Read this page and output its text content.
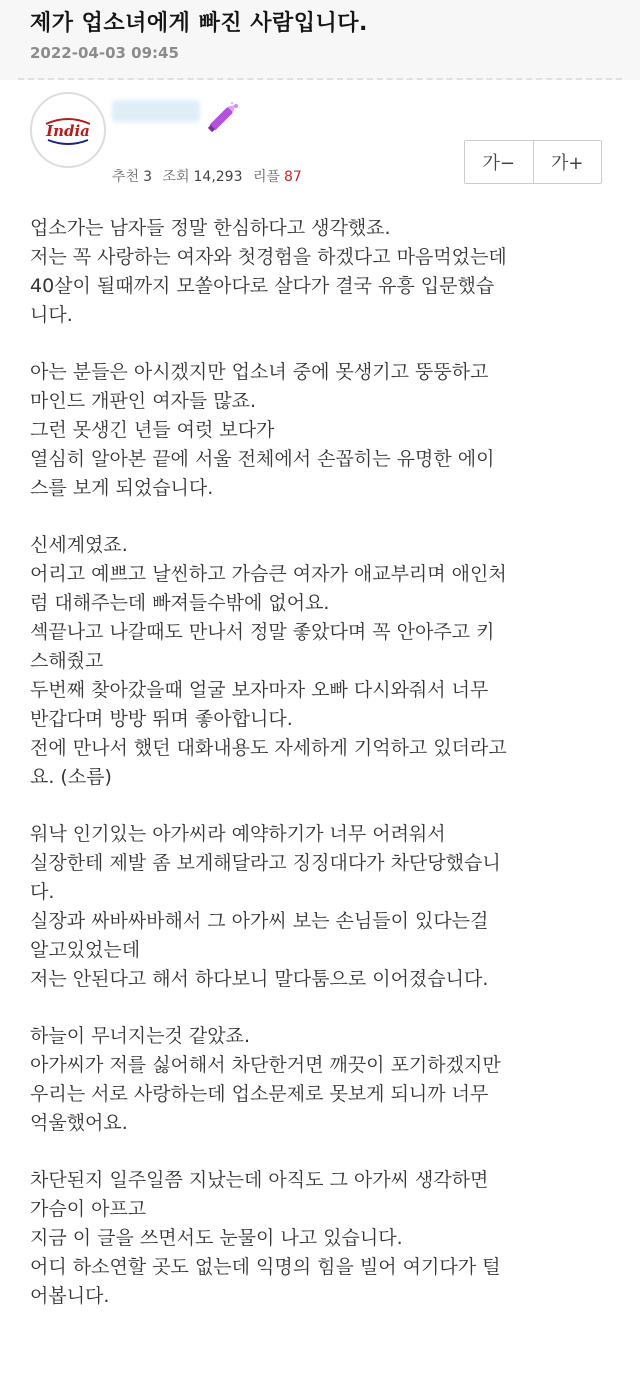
제가 업소녀에게 빠진 사람입니다.
2022-04-03 09:45
India
추천 3 조회 14,293 리플 87
가−	가+
업소가는 남자들 정말 한심하다고 생각했죠.
저는 꼭 사랑하는 여자와 첫경험을 하겠다고 마음먹었는데
40살이 될때까지 모쏠아다로 살다가 결국 유흥 입문했습
니다.
아는 분들은 아시겠지만 업소녀 중에 못생기고 뚱뚱하고
마인드 개판인 여자들 많죠.
그런 못생긴 년들 여럿 보다가
열심히 알아본 끝에 서울 전체에서 손꼽히는 유명한 에이
스를 보게 되었습니다.
신세계였죠.
어리고 예쁘고 날씬하고 가슴큰 여자가 애교부리며 애인처
럼 대해주는데 빠져들수밖에 없어요.
섹끝나고 나갈때도 만나서 정말 좋았다며 꼭 안아주고 키
스해줬고
두번째 찾아갔을때 얼굴 보자마자 오빠 다시와줘서 너무
반갑다며 방방 뛰며 좋아합니다.
전에 만나서 했던 대화내용도 자세하게 기억하고 있더라고
요. (소름)
워낙 인기있는 아가씨라 예약하기가 너무 어려워서
실장한테 제발 좀 보게해달라고 징징대다가 차단당했습니
다.
실장과 싸바싸바해서 그 아가씨 보는 손님들이 있다는걸
알고있었는데
저는 안된다고 해서 하다보니 말다툼으로 이어졌습니다.
하늘이 무너지는것 같았죠.
아가씨가 저를 싫어해서 차단한거면 깨끗이 포기하겠지만
우리는 서로 사랑하는데 업소문제로 못보게 되니까 너무
억울했어요.
차단된지 일주일쯤 지났는데 아직도 그 아가씨 생각하면
가슴이 아프고
지금 이 글을 쓰면서도 눈물이 나고 있습니다.
어디 하소연할 곳도 없는데 익명의 힘을 빌어 여기다가 털
어봅니다.
